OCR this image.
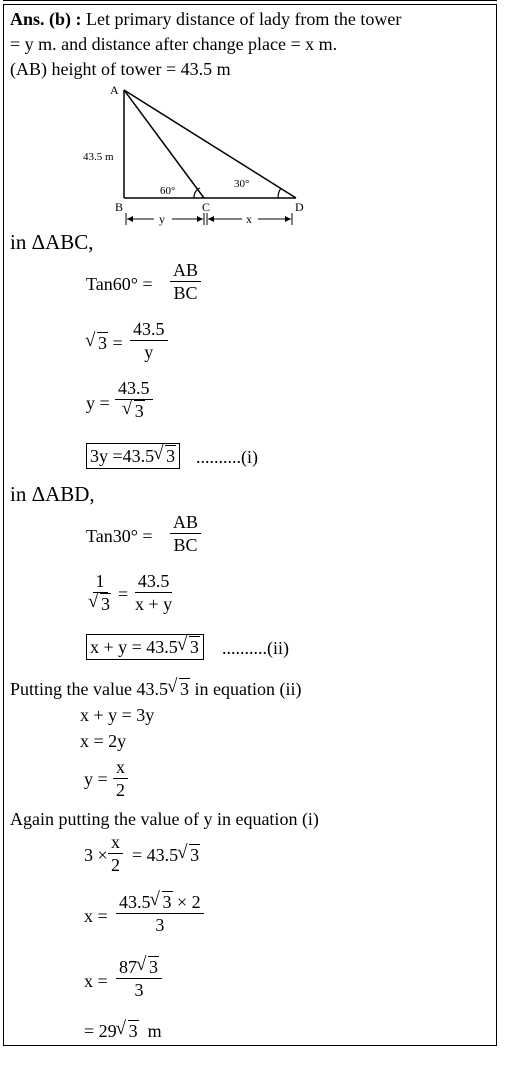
Ans. (b) : Let primary distance of lady from the tower
= y m. and distance after change place = x m.
(AB) height of tower = 43.5 m
A
B	C	D
43.5 m
60°
30°
y	x
in ΔABC,
$Tan60^\circ = \frac{AB}{BC}$
√ $3 = \frac{43.5}{y}$
y = 43.5
√ 3
3y =43.5√ 3 ..........(i)
in ΔABD,
$Tan30^\circ = \frac{AB}{BC}$
1
√ $3 = \frac{43.5}{x + y}$
x + y = 43.5√ 3 ..........(ii)
Putting the value 43.5√ 3 in equation (ii)
x + y = 3y
x = 2y
$y = \frac{x}{2}$
Again putting the value of y in equation (i)
$3 \times \frac{x}{2} = 43.5√$ 3
$x = \frac{43.5√ 3 \times 2}{3}$
$x = \frac{87√ 3}{3}$
= 29√ 3  m
